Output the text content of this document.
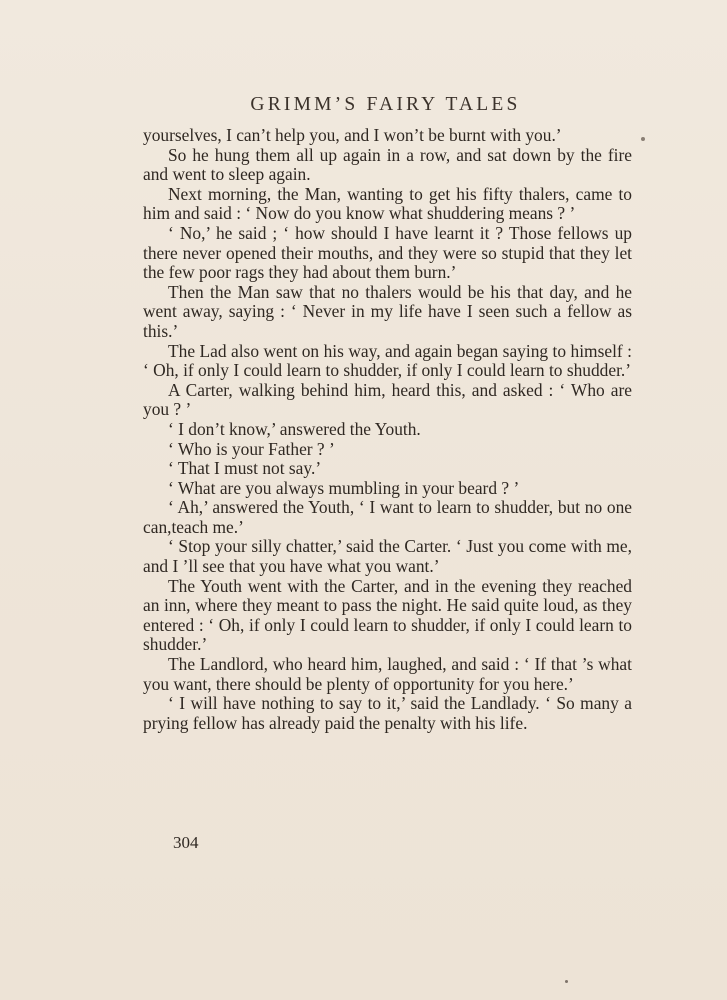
GRIMM’S FAIRY TALES

yourselves, I can’t help you, and I won’t be burnt with you.’

So he hung them all up again in a row, and sat down by the fire and went to sleep again.

Next morning, the Man, wanting to get his fifty thalers, came to him and said : ‘ Now do you know what shuddering means ? ’

‘ No,’ he said ; ‘ how should I have learnt it ? Those fellows up there never opened their mouths, and they were so stupid that they let the few poor rags they had about them burn.’

Then the Man saw that no thalers would be his that day, and he went away, saying : ‘ Never in my life have I seen such a fellow as this.’

The Lad also went on his way, and again began saying to himself : ‘ Oh, if only I could learn to shudder, if only I could learn to shudder.’

A Carter, walking behind him, heard this, and asked : ‘ Who are you ? ’

‘ I don’t know,’ answered the Youth.

‘ Who is your Father ? ’

‘ That I must not say.’

‘ What are you always mumbling in your beard ? ’

‘ Ah,’ answered the Youth, ‘ I want to learn to shudder, but no one can,teach me.’

‘ Stop your silly chatter,’ said the Carter. ‘ Just you come with me, and I ’ll see that you have what you want.’

The Youth went with the Carter, and in the evening they reached an inn, where they meant to pass the night. He said quite loud, as they entered : ‘ Oh, if only I could learn to shudder, if only I could learn to shudder.’

The Landlord, who heard him, laughed, and said : ‘ If that ’s what you want, there should be plenty of opportunity for you here.’

‘ I will have nothing to say to it,’ said the Landlady. ‘ So many a prying fellow has already paid the penalty with his life.

304
